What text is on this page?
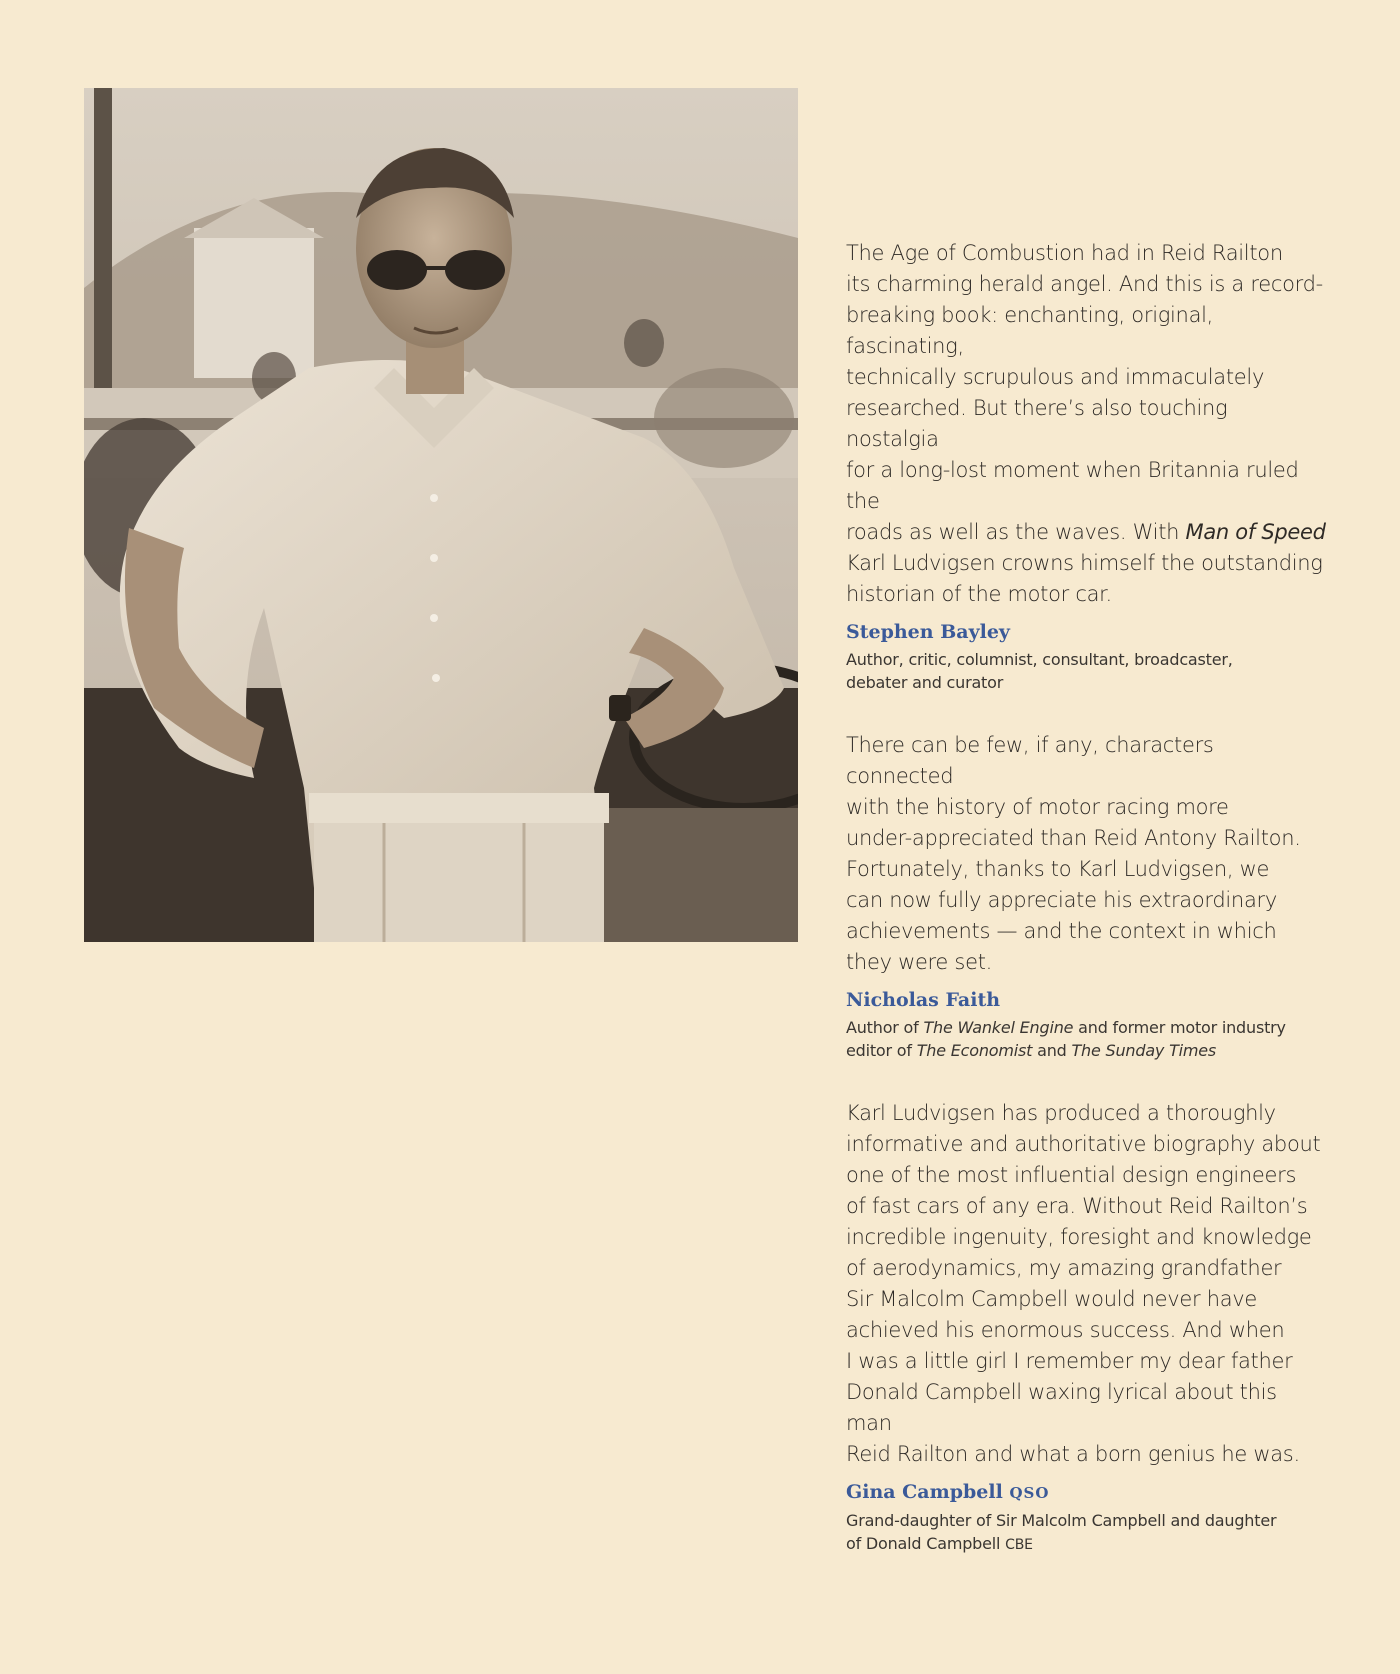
The Age of Combustion had in Reid Railton
its charming herald angel. And this is a record-
breaking book: enchanting, original, fascinating,
technically scrupulous and immaculately
researched. But there’s also touching nostalgia
for a long-lost moment when Britannia ruled the
roads as well as the waves. With Man of Speed
Karl Ludvigsen crowns himself the outstanding
historian of the motor car.

Stephen Bayley

Author, critic, columnist, consultant, broadcaster,
debater and curator

There can be few, if any, characters connected
with the history of motor racing more
under-appreciated than Reid Antony Railton.
Fortunately, thanks to Karl Ludvigsen, we
can now fully appreciate his extraordinary
achievements — and the context in which
they were set.

Nicholas Faith

Author of The Wankel Engine and former motor industry
editor of The Economist and The Sunday Times

Karl Ludvigsen has produced a thoroughly
informative and authoritative biography about
one of the most influential design engineers
of fast cars of any era. Without Reid Railton’s
incredible ingenuity, foresight and knowledge
of aerodynamics, my amazing grandfather
Sir Malcolm Campbell would never have
achieved his enormous success. And when
I was a little girl I remember my dear father
Donald Campbell waxing lyrical about this man
Reid Railton and what a born genius he was.

Gina Campbell QSO

Grand-daughter of Sir Malcolm Campbell and daughter
of Donald Campbell CBE
